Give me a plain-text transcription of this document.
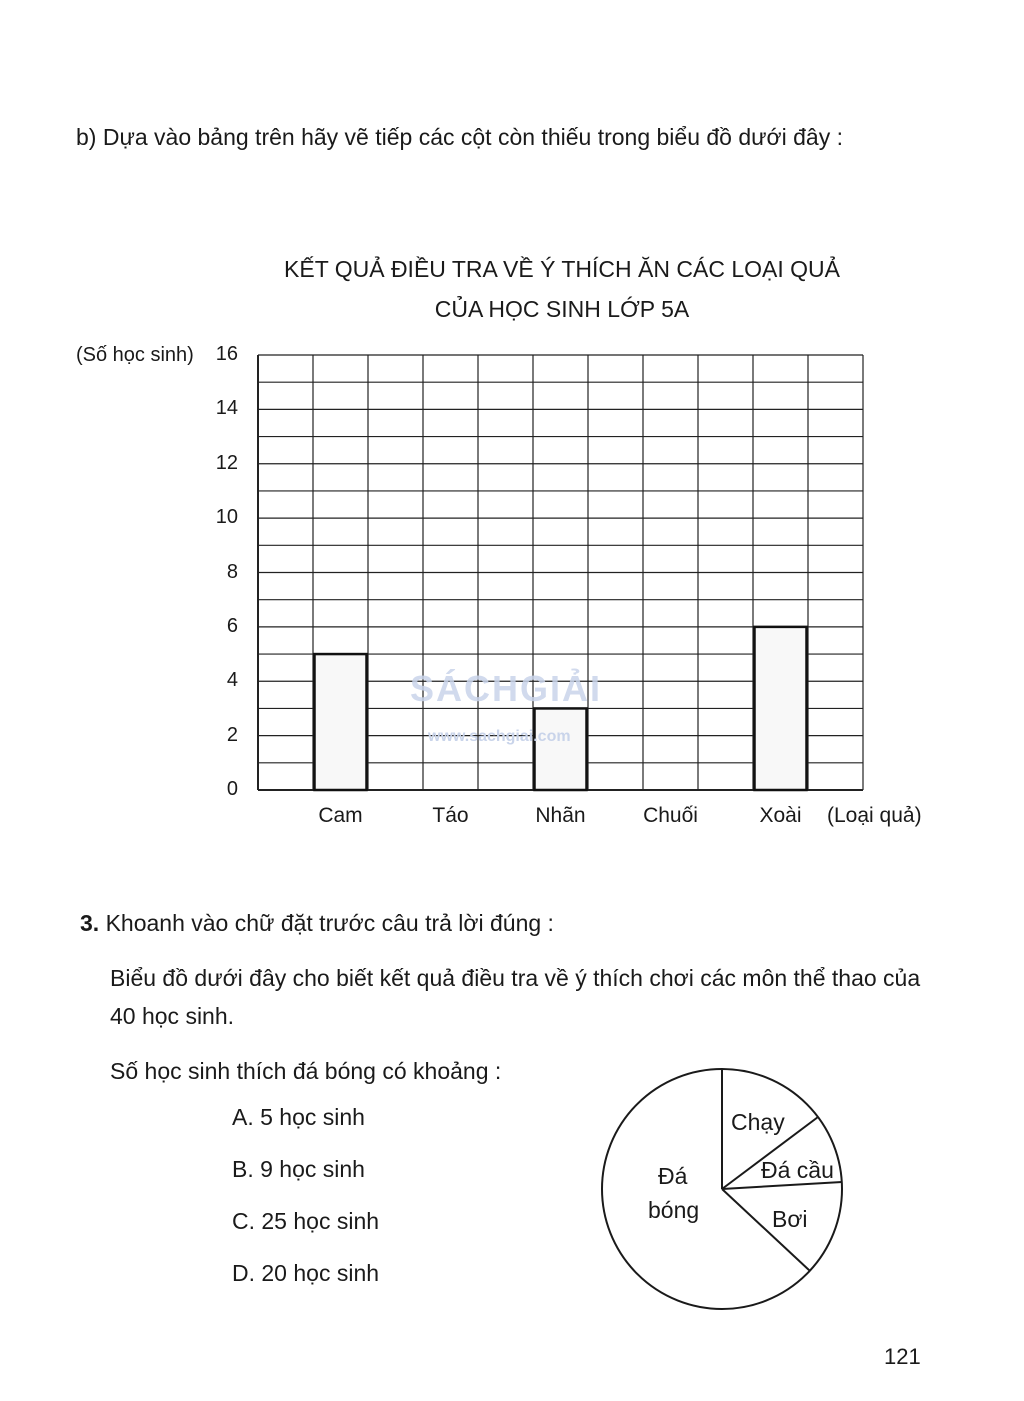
b) Dựa vào bảng trên hãy vẽ tiếp các cột còn thiếu trong biểu đồ dưới đây :
KẾT QUẢ ĐIỀU TRA VỀ Ý THÍCH ĂN CÁC LOẠI QUẢ
CỦA HỌC SINH LỚP 5A
(Số học sinh)
0
2
4
6
8
10
12
14
16
Cam	Táo	Nhãn	Chuối	Xoài	(Loại quả)
SÁCHGIẢI
www.sachgiai.com
3. Khoanh vào chữ đặt trước câu trả lời đúng :
Biểu đồ dưới đây cho biết kết quả điều tra về ý thích chơi các môn thể thao của
40 học sinh.
Số học sinh thích đá bóng có khoảng :
A. 5 học sinh
B. 9 học sinh
C. 25 học sinh
D. 20 học sinh
Đá
bóng
Chạy
Đá cầu
Bơi
121
